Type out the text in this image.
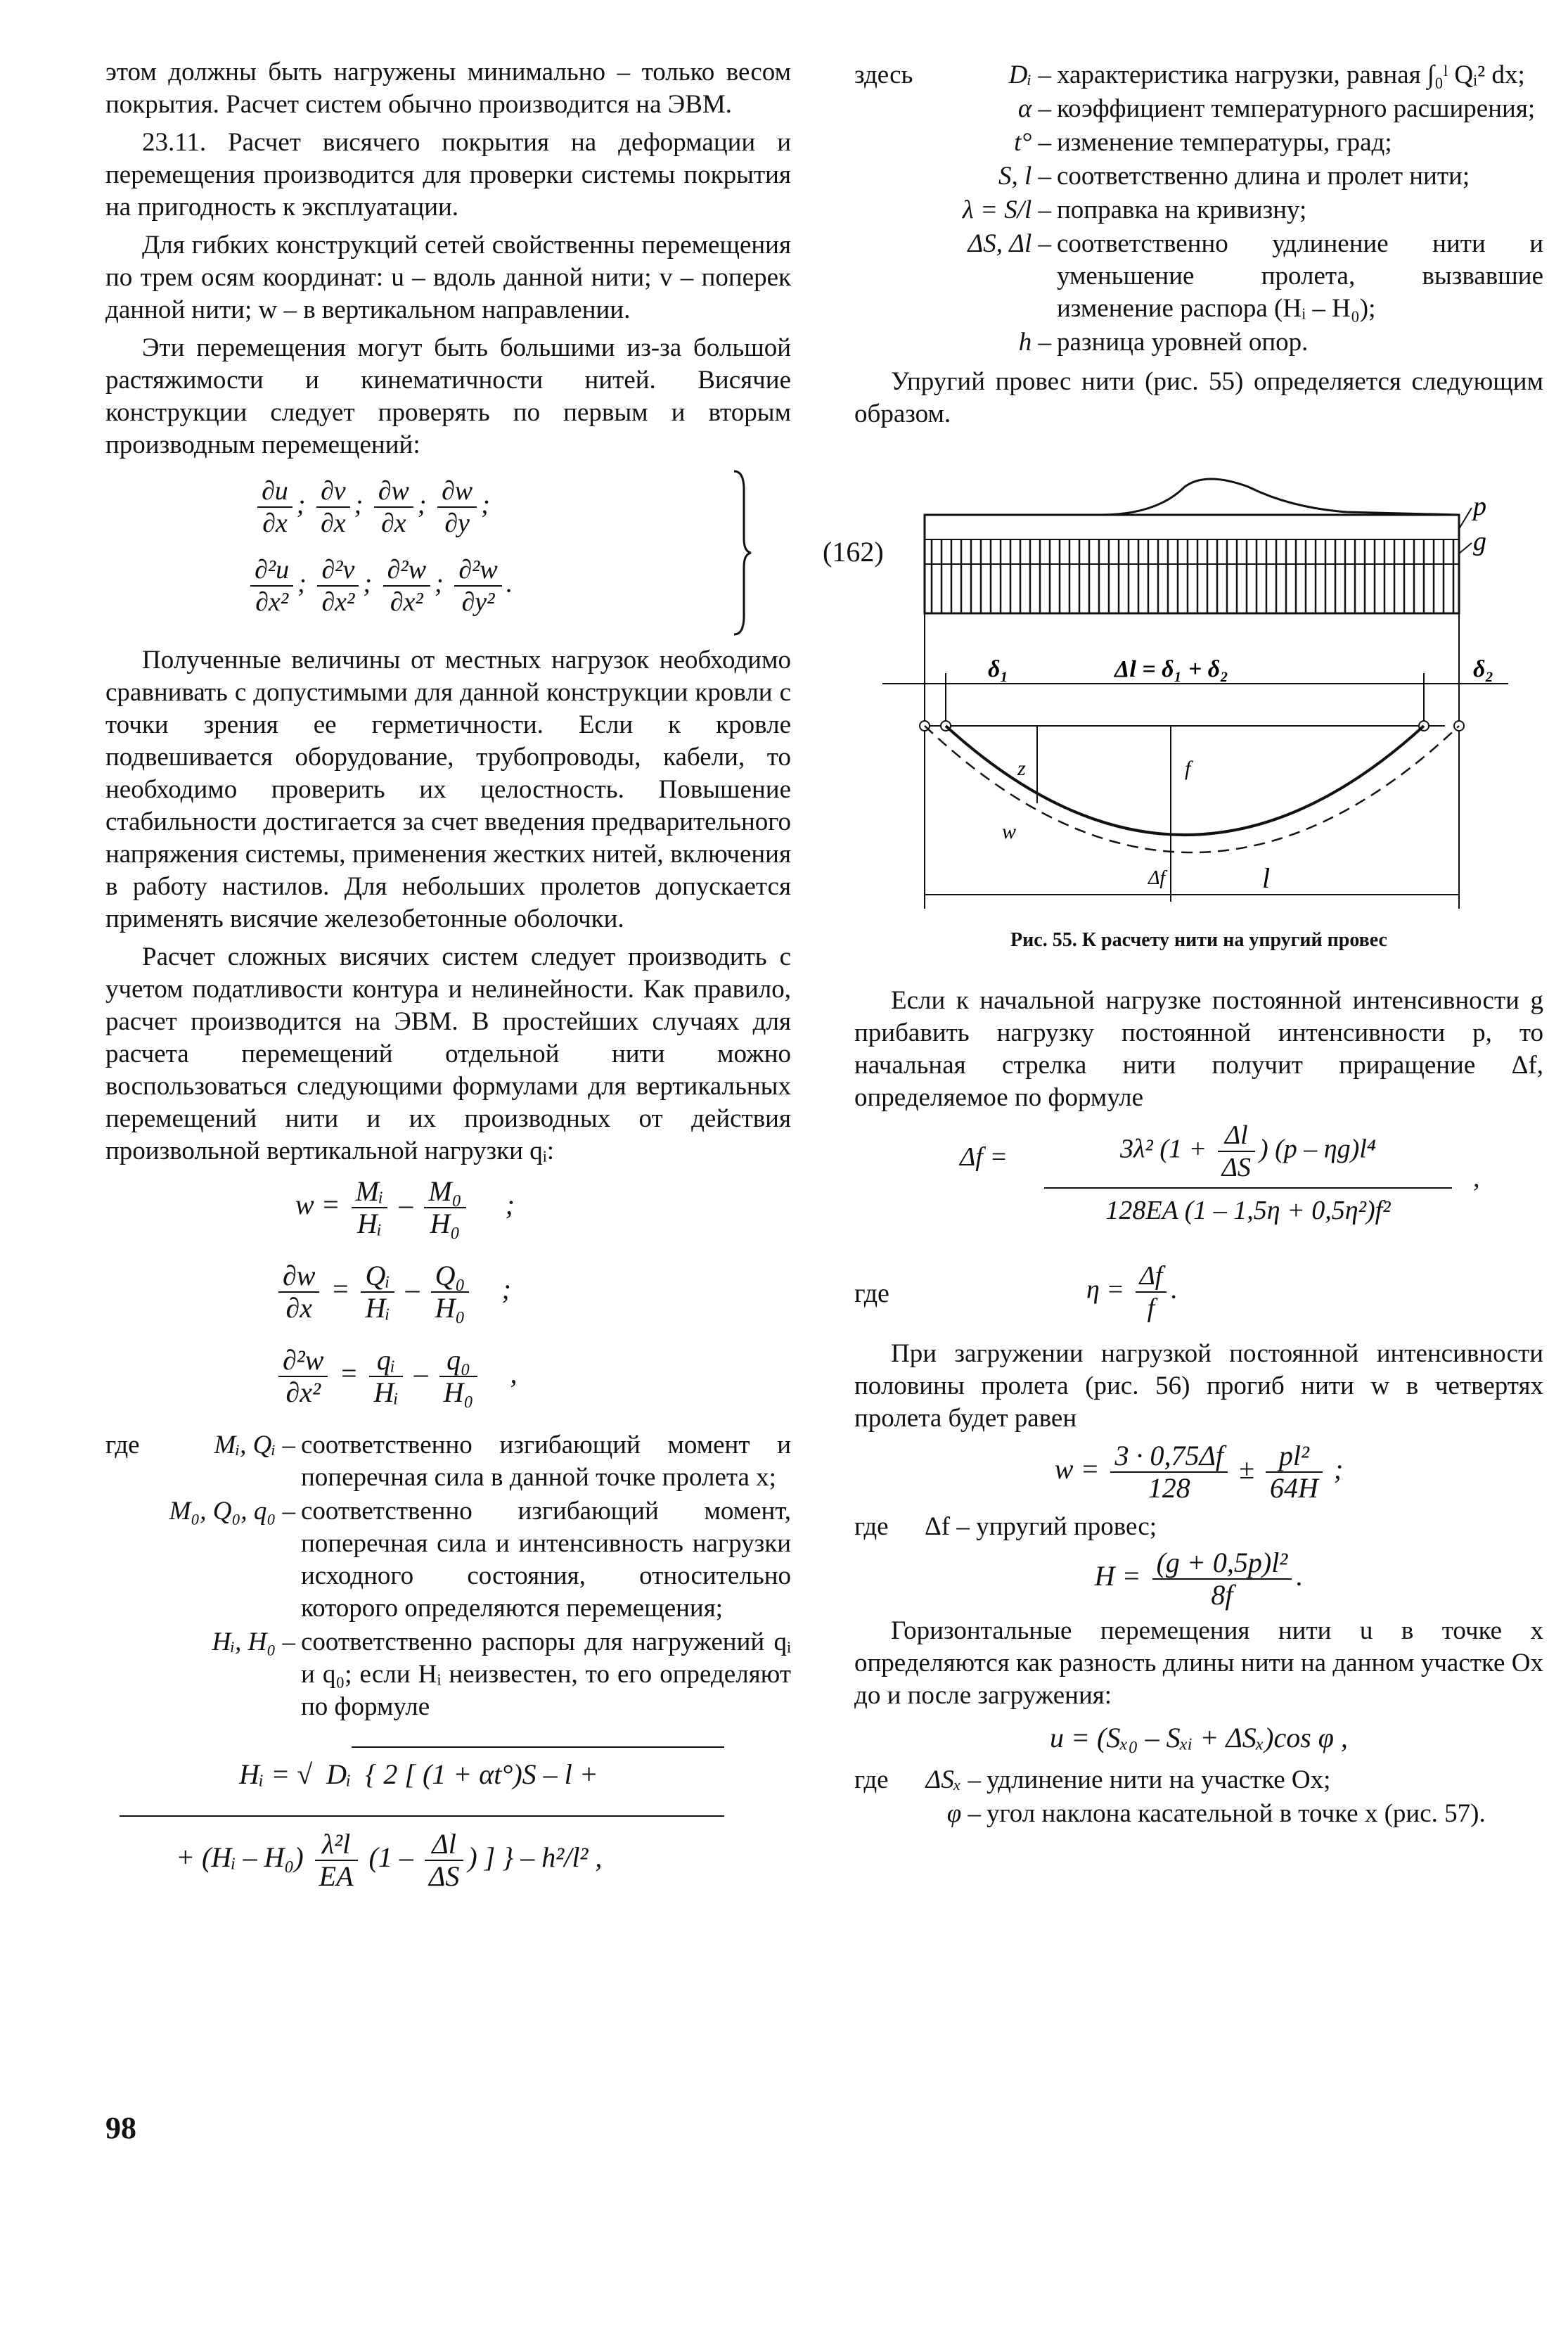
этом должны быть нагружены минимально – только весом покрытия. Расчет систем обычно производится на ЭВМ.

23.11. Расчет висячего покрытия на деформации и перемещения производится для проверки системы покрытия на пригодность к эксплуатации.

Для гибких конструкций сетей свойственны перемещения по трем осям координат: u – вдоль данной нити; v – поперек данной нити; w – в вертикальном направлении.

Эти перемещения могут быть большими из-за большой растяжимости и кинематичности нитей. Висячие конструкции следует проверять по первым и вторым производным перемещений:

$\frac{\partial u}{\partial x}$ ; $\frac{\partial v}{\partial x}$ ; $\frac{\partial w}{\partial x}$ ; $\frac{\partial w}{\partial y}$ ;
$\frac{\text{∂²u}}{\text{∂x²}}$ ; $\frac{\text{∂²v}}{\text{∂x²}}$ ; $\frac{\text{∂²w}}{\text{∂x²}}$ ; $\frac{\text{∂²w}}{\text{∂y²}}$ .
(162)

Полученные величины от местных нагрузок необходимо сравнивать с допустимыми для данной конструкции кровли с точки зрения ее герметичности. Если к кровле подвешивается оборудование, трубопроводы, кабели, то необходимо проверить их целостность. Повышение стабильности достигается за счет введения предварительного напряжения системы, применения жестких нитей, включения в работу настилов. Для небольших пролетов допускается применять висячие железобетонные оболочки.

Расчет сложных висячих систем следует производить с учетом податливости контура и нелинейности. Как правило, расчет производится на ЭВМ. В простейших случаях для расчета перемещений отдельной нити можно воспользоваться следующими формулами для вертикальных перемещений нити и их производных от действия произвольной вертикальной нагрузки qᵢ:

$w = \frac{\text{Mᵢ}}{\text{Hᵢ}} - \frac{\text{M₀}}{\text{H₀}}$ ;
$\frac{\partial w}{\partial x} = \frac{\text{Qᵢ}}{\text{Hᵢ}} - \frac{\text{Q₀}}{\text{H₀}}$ ;
$\frac{\text{∂²w}}{\text{∂x²}} = \frac{\text{qᵢ}}{\text{Hᵢ}} - \frac{\text{q₀}}{\text{H₀}}$ ,
где	Mᵢ, Qᵢ – соответственно изгибающий момент и поперечная сила в данной точке пролета x;
M₀, Q₀, q₀ – соответственно изгибающий момент, поперечная сила и интенсивность нагрузки исходного состояния, относительно которого определяются перемещения;
Hᵢ, H₀ – соответственно распоры для нагружений qᵢ и q₀; если Hᵢ неизвестен, то его определяют по формуле
Hᵢ = √  Dᵢ  { 2 [ (1 + αt°)S – l +
+ (Hᵢ – $H_0) \frac{\text{λ²l}}{EA} (1 - \frac{\Delta l}{\Delta S}$ ) ] } – h²/l² ,
здесь	Dᵢ – характеристика нагрузки, равная ∫₀ˡ Qᵢ² dx;
α – коэффициент температурного расширения;
t° – изменение температуры, град;
S, l – соответственно длина и пролет нити;
λ = S/l – поправка на кривизну;
ΔS, Δl – соответственно удлинение нити и уменьшение пролета, вызвавшие изменение распора (Hᵢ – H₀);
h – разница уровней опор.

Упругий провес нити (рис. 55) определяется следующим образом.

p
g
δ₁	Δl = δ₁ + δ₂	δ₂
z	f
w
Δf	l
Рис. 55. К расчету нити на упругий провес

Если к начальной нагрузке постоянной интенсивности g прибавить нагрузку постоянной интенсивности p, то начальная стрелка нити получит приращение Δf, определяемое по формуле

Δf =	3λ² ($1 + \frac{\Delta l}{\Delta S}$ ) (p – ηg)l⁴
128EA (1 – 1,5η + 0,5η²)f²
,
где	$\eta = \frac{\Delta f}{f}$ .

При загружении нагрузкой постоянной интенсивности половины пролета (рис. 56) прогиб нити w в четвертях пролета будет равен

$w = \frac{3 \cdot 0,75\Delta f}{128} \pm \frac{\text{pl²}}{64H}$ ;
где	Δf – упругий провес;
$H = \frac{\text{(g + 0,5p)l²}}{8f}$ .

Горизонтальные перемещения нити u в точке x определяются как разность длины нити на данном участке Ox до и после загружения:

u = (Sₓ₀ – Sₓᵢ + ΔSₓ)cos φ ,
где	ΔSₓ – удлинение нити на участке Ox;
φ – угол наклона касательной в точке x (рис. 57).
98
